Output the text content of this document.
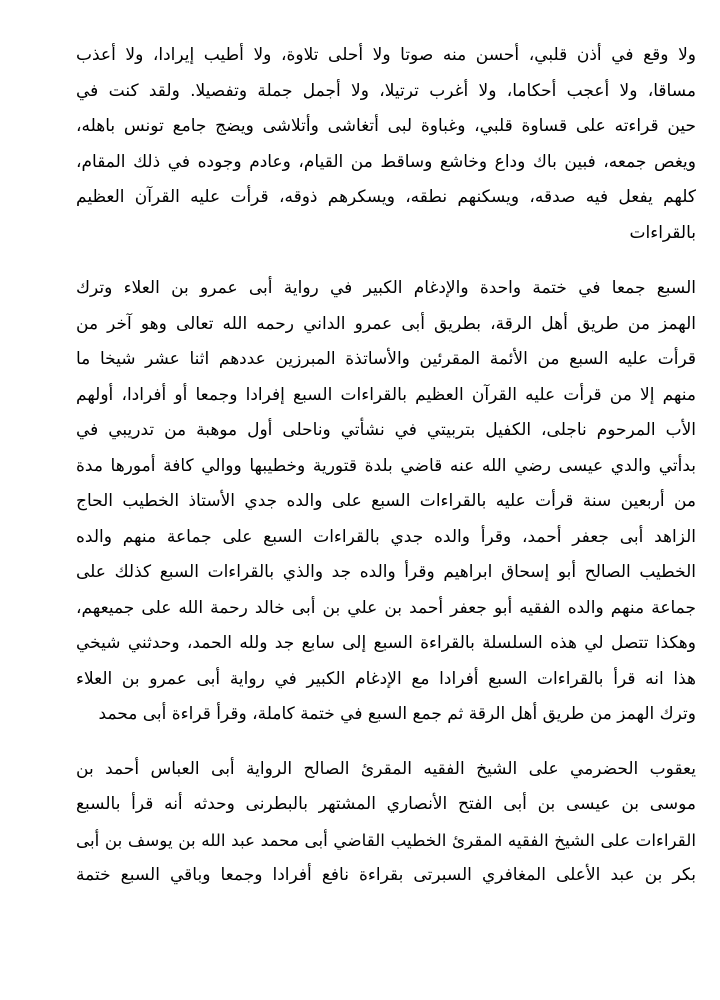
ولا وقع في أذن قلبي، أحسن منه صوتا ولا أحلى تلاوة، ولا أطيب إيرادا، ولا أعذب
مساقا، ولا أعجب أحكاما، ولا أغرب ترتيلا، ولا أجمل جملة وتفصيلا. ولقد كنت في
حين قراءته على قساوة قلبي، وغباوة لبى أتغاشى وأتلاشى ويضج جامع تونس باهله،
ويغص جمعه، فبين باك وداع وخاشع وساقط من القيام، وعادم وجوده في ذلك المقام،
كلهم يفعل فيه صدقه، ويسكنهم نطقه، ويسكرهم ذوقه، قرأت عليه القرآن العظيم
بالقراءات
السبع جمعا في ختمة واحدة والإدغام الكبير في رواية أبى عمرو بن العلاء وترك
الهمز من طريق أهل الرقة، بطريق أبى عمرو الداني رحمه الله تعالى وهو آخر من
قرأت عليه السبع من الأئمة المقرئين والأساتذة المبرزين عددهم اثنا عشر شيخا ما
منهم إلا من قرأت عليه القرآن العظيم بالقراءات السبع إفرادا وجمعا أو أفرادا، أولهم
الأب المرحوم ناجلى، الكفيل بتربيتي في نشأتي وناحلى أول موهبة من تدريبي في
بدأتي والدي عيسى رضي الله عنه قاضي بلدة قتورية وخطيبها ووالي كافة أمورها مدة
من أربعين سنة قرأت عليه بالقراءات السبع على والده جدي الأستاذ الخطيب الحاج
الزاهد أبى جعفر أحمد، وقرأ والده جدي بالقراءات السبع على جماعة منهم والده
الخطيب الصالح أبو إسحاق ابراهيم وقرأ والده جد والذي بالقراءات السبع كذلك على
جماعة منهم والده الفقيه أبو جعفر أحمد بن علي بن أبى خالد رحمة الله على جميعهم،
وهكذا تتصل لي هذه السلسلة بالقراءة السبع إلى سابع جد ولله الحمد، وحدثني شيخي
هذا انه قرأ بالقراءات السبع أفرادا مع الإدغام الكبير في رواية أبى عمرو بن العلاء
وترك الهمز من طريق أهل الرقة ثم جمع السبع في ختمة كاملة، وقرأ قراءة أبى محمد
يعقوب الحضرمي على الشيخ الفقيه المقرئ الصالح الرواية أبى العباس أحمد بن
موسى بن عيسى بن أبى الفتح الأنصاري المشتهر بالبطرنى وحدثه أنه قرأ بالسبع
القراءات على الشيخ الفقيه المقرئ الخطيب القاضي أبى محمد عبد الله بن يوسف بن أبى
بكر بن عبد الأعلى المغافري السبرتى بقراءة نافع أفرادا وجمعا وباقي السبع ختمة
